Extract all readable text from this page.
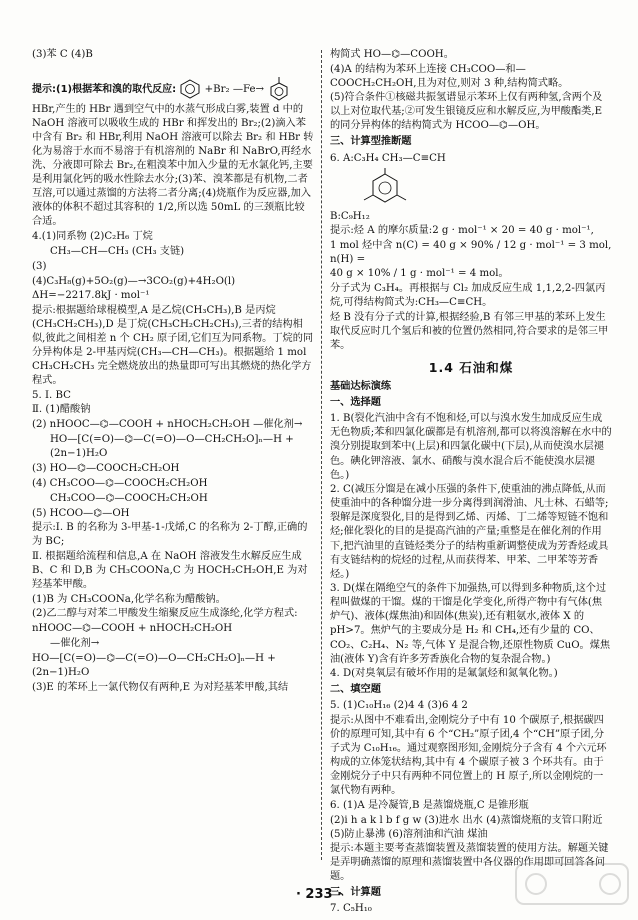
(3)苯 C (4)B

提示:(1)根据苯和溴的取代反应:	+Br₂ —Fe→

HBr,产生的 HBr 遇到空气中的水蒸气形成白雾,装置 d 中的 NaOH 溶液可以吸收生成的 HBr 和挥发出的 Br₂;(2)滴入苯中含有 Br₂ 和 HBr,利用 NaOH 溶液可以除去 Br₂ 和 HBr 转化为易溶于水而不易溶于有机溶剂的 NaBr 和 NaBrO,再经水洗、分液即可除去 Br₂,在粗溴苯中加入少量的无水氯化钙,主要是利用氯化钙的吸水性除去水分;(3)苯、溴苯都是有机物,二者互溶,可以通过蒸馏的方法将二者分离;(4)烧瓶作为反应器,加入液体的体积不超过其容积的 1/2,所以选 50mL 的三颈瓶比较合适。

4.(1)同系物 (2)C₂H₆ 丁烷

CH₃—CH—CH₃ (CH₃ 支链)

(3)

(4)C₃H₈(g)+5O₂(g)—→3CO₂(g)+4H₂O(l)

ΔH=−2217.8kJ · mol⁻¹

提示:根据题给球棍模型,A 是乙烷(CH₃CH₃),B 是丙烷(CH₃CH₂CH₃),D 是丁烷(CH₃CH₂CH₂CH₃),三者的结构相似,彼此之间相差 n 个 CH₂ 原子团,它们互为同系物。丁烷的同分异构体是 2-甲基丙烷(CH₃—CH—CH₃)。根据题给 1 mol CH₃CH₂CH₃ 完全燃烧放出的热量即可写出其燃烧的热化学方程式。

5. Ⅰ. BC

Ⅱ. (1)醋酸钠

(2) nHOOC—⌬—COOH + nHOCH₂CH₂OH —催化剂→

HO—[C(=O)—⌬—C(=O)—O—CH₂CH₂O]ₙ—H + (2n−1)H₂O

(3) HO—⌬—COOCH₂CH₂OH

(4) CH₃COO—⌬—COOCH₂CH₂OH

CH₃COO—⌬—COOCH₂CH₂OH

(5) HCOO—⌬—OH

提示:Ⅰ. B 的名称为 3-甲基-1-戊烯,C 的名称为 2-丁醇,正确的为 BC;

Ⅱ. 根据题给流程和信息,A 在 NaOH 溶液发生水解反应生成 B、C 和 D,B 为 CH₃COONa,C 为 HOCH₂CH₂OH,E 为对羟基苯甲酸。

(1)B 为 CH₃COONa,化学名称为醋酸钠。

(2)乙二醇与对苯二甲酸发生缩聚反应生成涤纶,化学方程式:

nHOOC—⌬—COOH + nHOCH₂CH₂OH

—催化剂→

HO—[C(=O)—⌬—C(=O)—O—CH₂CH₂O]ₙ—H + (2n−1)H₂O

(3)E 的苯环上一氯代物仅有两种,E 为对羟基苯甲酸,其结

构简式 HO—⌬—COOH。

(4)A 的结构为苯环上连接 CH₃COO—和—COOCH₂CH₂OH,且为对位,则对 3 种,结构简式略。

(5)符合条件①核磁共振氢谱显示苯环上仅有两种氢,含两个及以上对位取代基;②可发生银镜反应和水解反应,为甲酸酯类,E 的同分异构体的结构简式为 HCOO—⌬—OH。

三、计算型推断题

6. A:C₃H₄ CH₃—C≡CH

B:C₉H₁₂

提示:烃 A 的摩尔质量:2 g · mol⁻¹ × 20 = 40 g · mol⁻¹,

1 mol 烃中含 n(C) = 40 g × 90% / 12 g · mol⁻¹ = 3 mol, n(H) =

40 g × 10% / 1 g · mol⁻¹ = 4 mol。

分子式为 C₃H₄。再根据与 Cl₂ 加成反应生成 1,1,2,2-四氯丙烷,可得结构简式为:CH₃—C≡CH。

烃 B 没有分子式的计算,根据经验,B 有邻三甲基的苯环上发生取代反应时几个氢后和被的位置仍然相同,符合要求的是邻三甲苯。

1.4 石油和煤

基础达标演练

一、选择题

1. B(裂化汽油中含有不饱和烃,可以与溴水发生加成反应生成无色物质;苯和四氯化碳都是有机溶剂,都可以将溴溶解在水中的溴分别提取到苯中(上层)和四氯化碳中(下层),从而使溴水层褪色。碘化钾溶液、氯水、硝酸与溴水混合后不能使溴水层褪色。)

2. C(减压分馏是在减小压强的条件下,使重油的沸点降低,从而使重油中的各种馏分进一步分离得到润滑油、凡士林、石蜡等;裂解是深度裂化,目的是得到乙烯、丙烯、丁二烯等短链不饱和烃;催化裂化的目的是提高汽油的产量;重整是在催化剂的作用下,把汽油里的直链烃类分子的结构重新调整使成为芳香烃或具有支链结构的烷烃的过程,从而获得苯、甲苯、二甲苯等芳香烃。)

3. D(煤在隔绝空气的条件下加强热,可以得到多种物质,这个过程叫做煤的干馏。煤的干馏是化学变化,所得产物中有气体(焦炉气)、液体(煤焦油)和固体(焦炭),还有粗氨水,液体 X 的 pH>7。焦炉气的主要成分是 H₂ 和 CH₄,还有少量的 CO、CO₂、C₂H₄、N₂ 等,气体 Y 是混合物,还原性物质 CuO。煤焦油(液体 Y)含有许多芳香族化合物的复杂混合物。)

4. D(对臭氧层有破坏作用的是氟氯烃和氮氧化物。)

二、填空题

5. (1)C₁₀H₁₆ (2)4 4 (3)6 4 2

提示:从图中不难看出,金刚烷分子中有 10 个碳原子,根据碳四价的原理可知,其中有 6 个“CH₂”原子团,4 个“CH”原子团,分子式为 C₁₀H₁₆。通过观察图形知,金刚烷分子含有 4 个六元环构成的立体笼状结构,其中有 4 个碳原子被 3 个环共有。由于金刚烷分子中只有两种不同位置上的 H 原子,所以金刚烷的一氯代物有两种。

6. (1)A 是冷凝管,B 是蒸馏烧瓶,C 是锥形瓶

(2)i h a k l b f g w (3)进水 出水 (4)蒸馏烧瓶的支管口附近 (5)防止暴沸 (6)溶剂油和汽油 煤油

提示:本题主要考查蒸馏装置及蒸馏装置的使用方法。解题关键是弄明确蒸馏的原理和蒸馏装置中各仪器的作用即可回答各问题。

三、计算题

7. C₅H₁₀

· 233 ·
